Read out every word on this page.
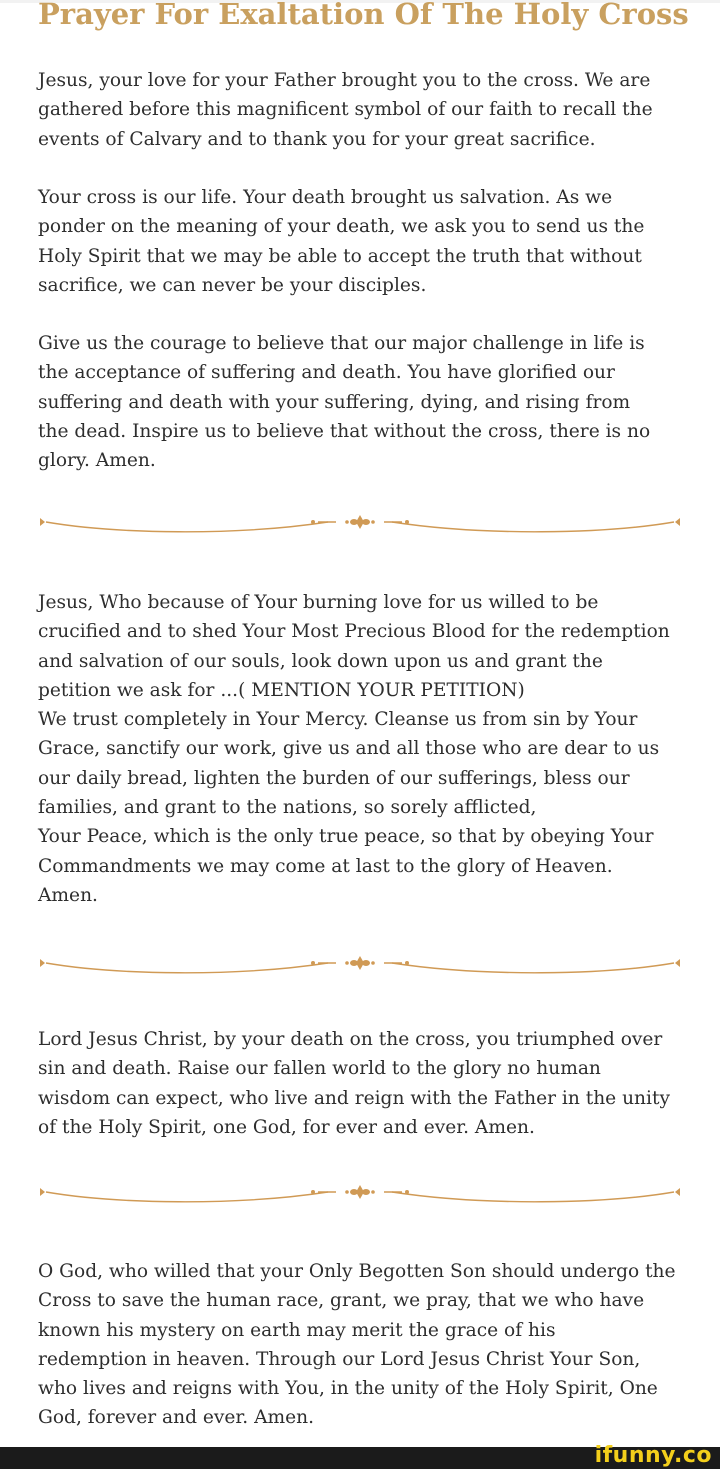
Prayer For Exaltation Of The Holy Cross

Jesus, your love for your Father brought you to the cross. We are
gathered before this magnificent symbol of our faith to recall the
events of Calvary and to thank you for your great sacrifice.

Your cross is our life. Your death brought us salvation. As we
ponder on the meaning of your death, we ask you to send us the
Holy Spirit that we may be able to accept the truth that without
sacrifice, we can never be your disciples.

Give us the courage to believe that our major challenge in life is
the acceptance of suffering and death. You have glorified our
suffering and death with your suffering, dying, and rising from
the dead. Inspire us to believe that without the cross, there is no
glory. Amen.

Jesus, Who because of Your burning love for us willed to be
crucified and to shed Your Most Precious Blood for the redemption
and salvation of our souls, look down upon us and grant the
petition we ask for ...( MENTION YOUR PETITION)
We trust completely in Your Mercy. Cleanse us from sin by Your
Grace, sanctify our work, give us and all those who are dear to us
our daily bread, lighten the burden of our sufferings, bless our
families, and grant to the nations, so sorely afflicted,
Your Peace, which is the only true peace, so that by obeying Your
Commandments we may come at last to the glory of Heaven.
Amen.

Lord Jesus Christ, by your death on the cross, you triumphed over
sin and death. Raise our fallen world to the glory no human
wisdom can expect, who live and reign with the Father in the unity
of the Holy Spirit, one God, for ever and ever. Amen.

O God, who willed that your Only Begotten Son should undergo the
Cross to save the human race, grant, we pray, that we who have
known his mystery on earth may merit the grace of his
redemption in heaven. Through our Lord Jesus Christ Your Son,
who lives and reigns with You, in the unity of the Holy Spirit, One
God, forever and ever. Amen.

ifunny.co
